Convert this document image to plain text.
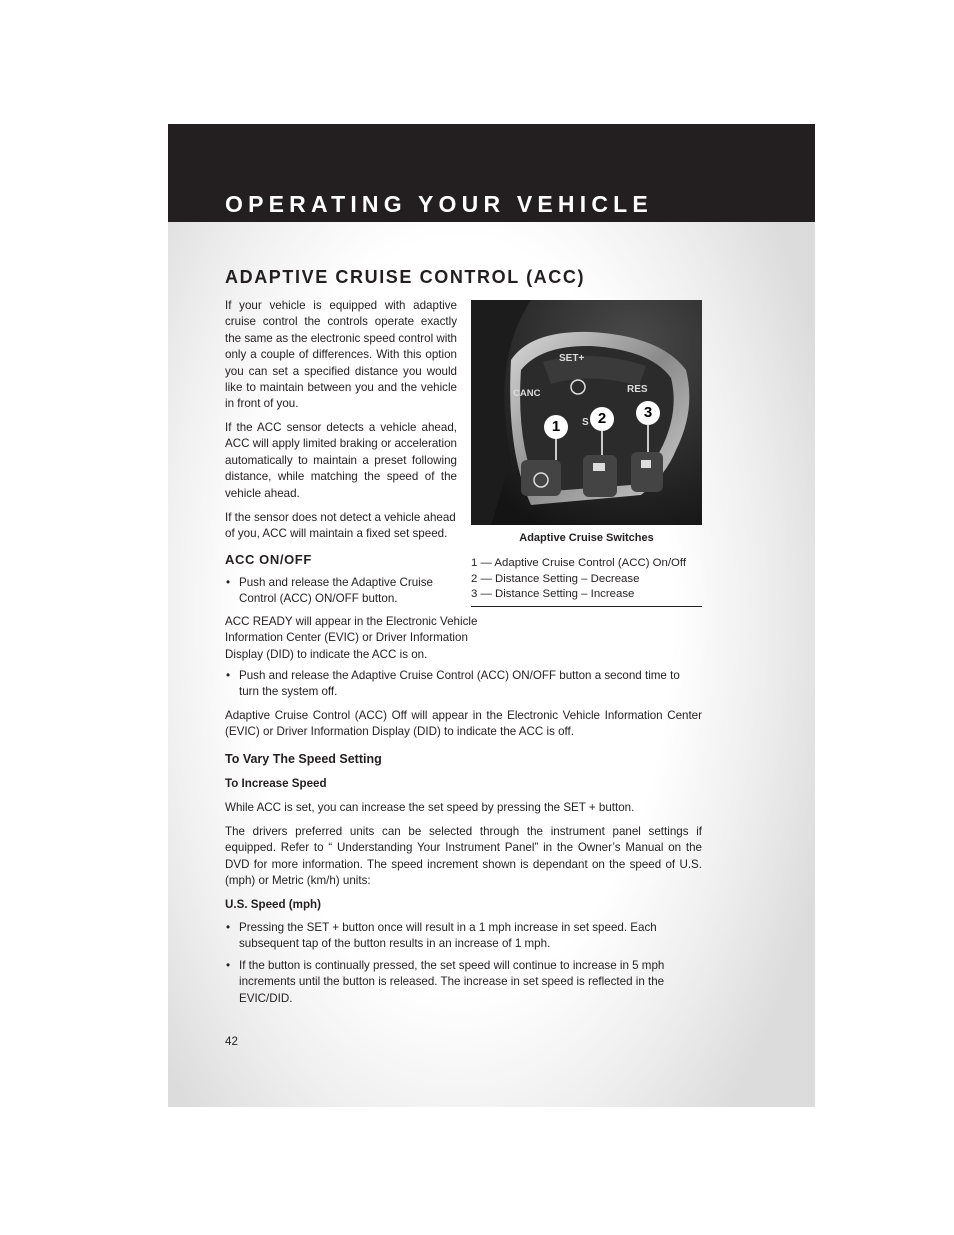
OPERATING YOUR VEHICLE
ADAPTIVE CRUISE CONTROL (ACC)

If your vehicle is equipped with adaptive cruise control the controls operate exactly the same as the electronic speed control with only a couple of differences. With this option you can set a specified distance you would like to maintain between you and the vehicle in front of you.

If the ACC sensor detects a vehicle ahead, ACC will apply limited braking or acceleration automatically to maintain a preset following distance, while matching the speed of the vehicle ahead.

If the sensor does not detect a vehicle ahead of you, ACC will maintain a fixed set speed.

ACC ON/OFF
• Push and release the Adaptive Cruise Control (ACC) ON/OFF button.

ACC READY will appear in the Electronic Vehicle Information Center (EVIC) or Driver Information Display (DID) to indicate the ACC is on.

• Push and release the Adaptive Cruise Control (ACC) ON/OFF button a second time to turn the system off.

Adaptive Cruise Control (ACC) Off will appear in the Electronic Vehicle Information Center (EVIC) or Driver Information Display (DID) to indicate the ACC is off.

To Vary The Speed Setting
To Increase Speed

While ACC is set, you can increase the set speed by pressing the SET + button.

The drivers preferred units can be selected through the instrument panel settings if equipped. Refer to “ Understanding Your Instrument Panel” in the Owner’s Manual on the DVD for more information. The speed increment shown is dependant on the speed of U.S. (mph) or Metric (km/h) units:

U.S. Speed (mph)
• Pressing the SET + button once will result in a 1 mph increase in set speed. Each subsequent tap of the button results in an increase of 1 mph.
• If the button is continually pressed, the set speed will continue to increase in 5 mph increments until the button is released. The increase in set speed is reflected in the EVIC/DID.
SET+
CANC	RES
S
1	2	3
Adaptive Cruise Switches
1 — Adaptive Cruise Control (ACC) On/Off
2 — Distance Setting – Decrease
3 — Distance Setting – Increase
42
